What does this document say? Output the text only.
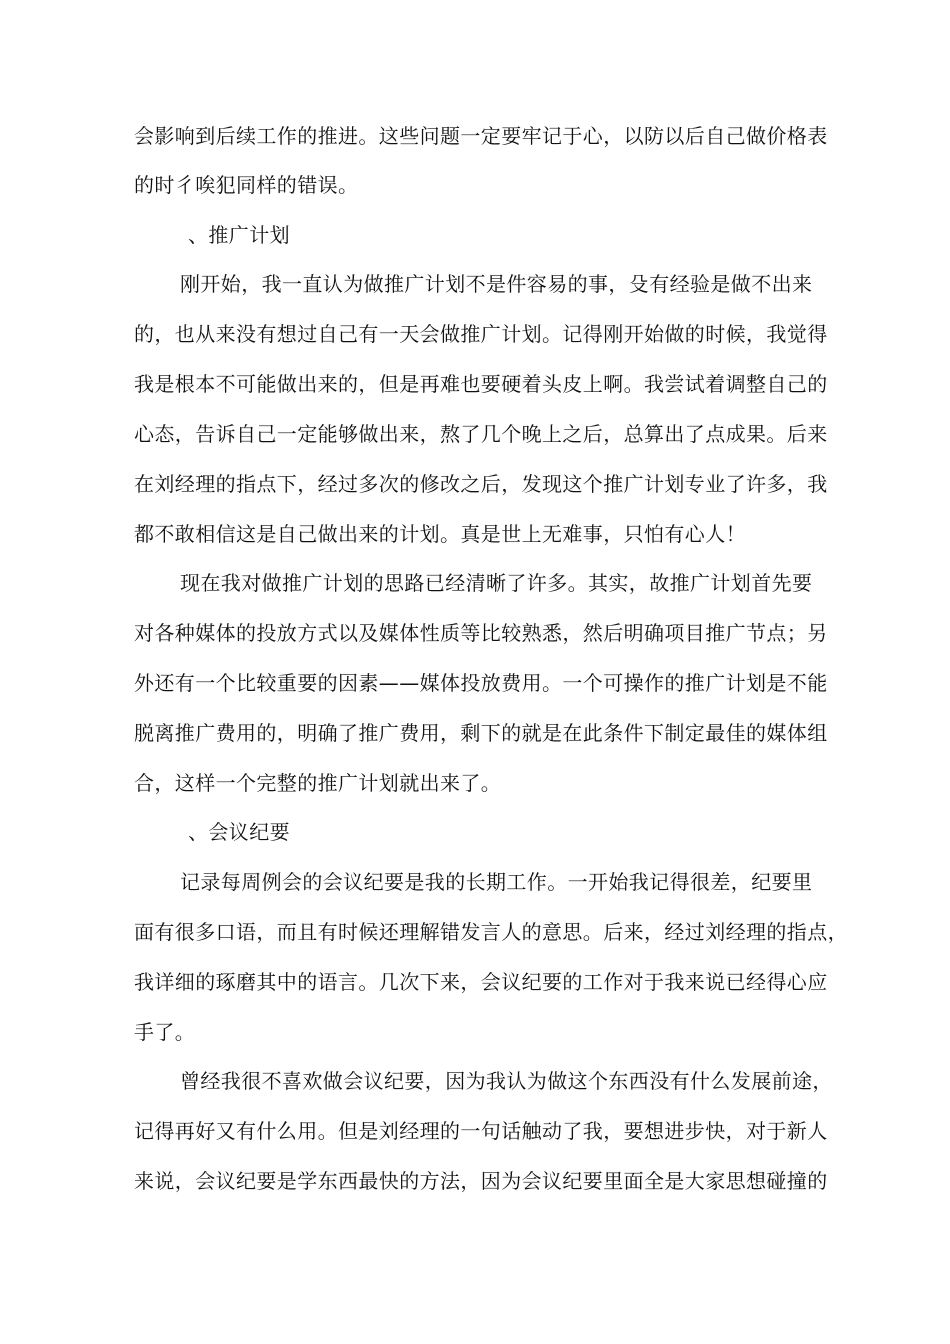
会影响到后续工作的推进。这些问题一定要牢记于心，以防以后自己做价格表
的时彳唉犯同样的错误。
、推广计划
刚开始，我一直认为做推广计划不是件容易的事，殳有经验是做不出来
的，也从来没有想过自己有一天会做推广计划。记得刚开始做的时候，我觉得
我是根本不可能做出来的，但是再难也要硬着头皮上啊。我尝试着调整自己的
心态，告诉自己一定能够做出来，熬了几个晚上之后，总算出了点成果。后来
在刘经理的指点下，经过多次的修改之后，发现这个推广计划专业了许多，我
都不敢相信这是自己做出来的计划。真是世上无难事，只怕有心人！
现在我对做推广计划的思路已经清晰了许多。其实，故推广计划首先要
对各种媒体的投放方式以及媒体性质等比较熟悉，然后明确项目推广节点；另
外还有一个比较重要的因素——媒体投放费用。一个可操作的推广计划是不能
脱离推广费用的，明确了推广费用，剩下的就是在此条件下制定最佳的媒体组
合，这样一个完整的推广计划就出来了。
、会议纪要
记录每周例会的会议纪要是我的长期工作。一开始我记得很差，纪要里
面有很多口语，而且有时候还理解错发言人的意思。后来，经过刘经理的指点，
我详细的琢磨其中的语言。几次下来，会议纪要的工作对于我来说已经得心应
手了。
曾经我很不喜欢做会议纪要，因为我认为做这个东西没有什么发展前途，
记得再好又有什么用。但是刘经理的一句话触动了我，要想进步快，对于新人
来说，会议纪要是学东西最快的方法，因为会议纪要里面全是大家思想碰撞的
